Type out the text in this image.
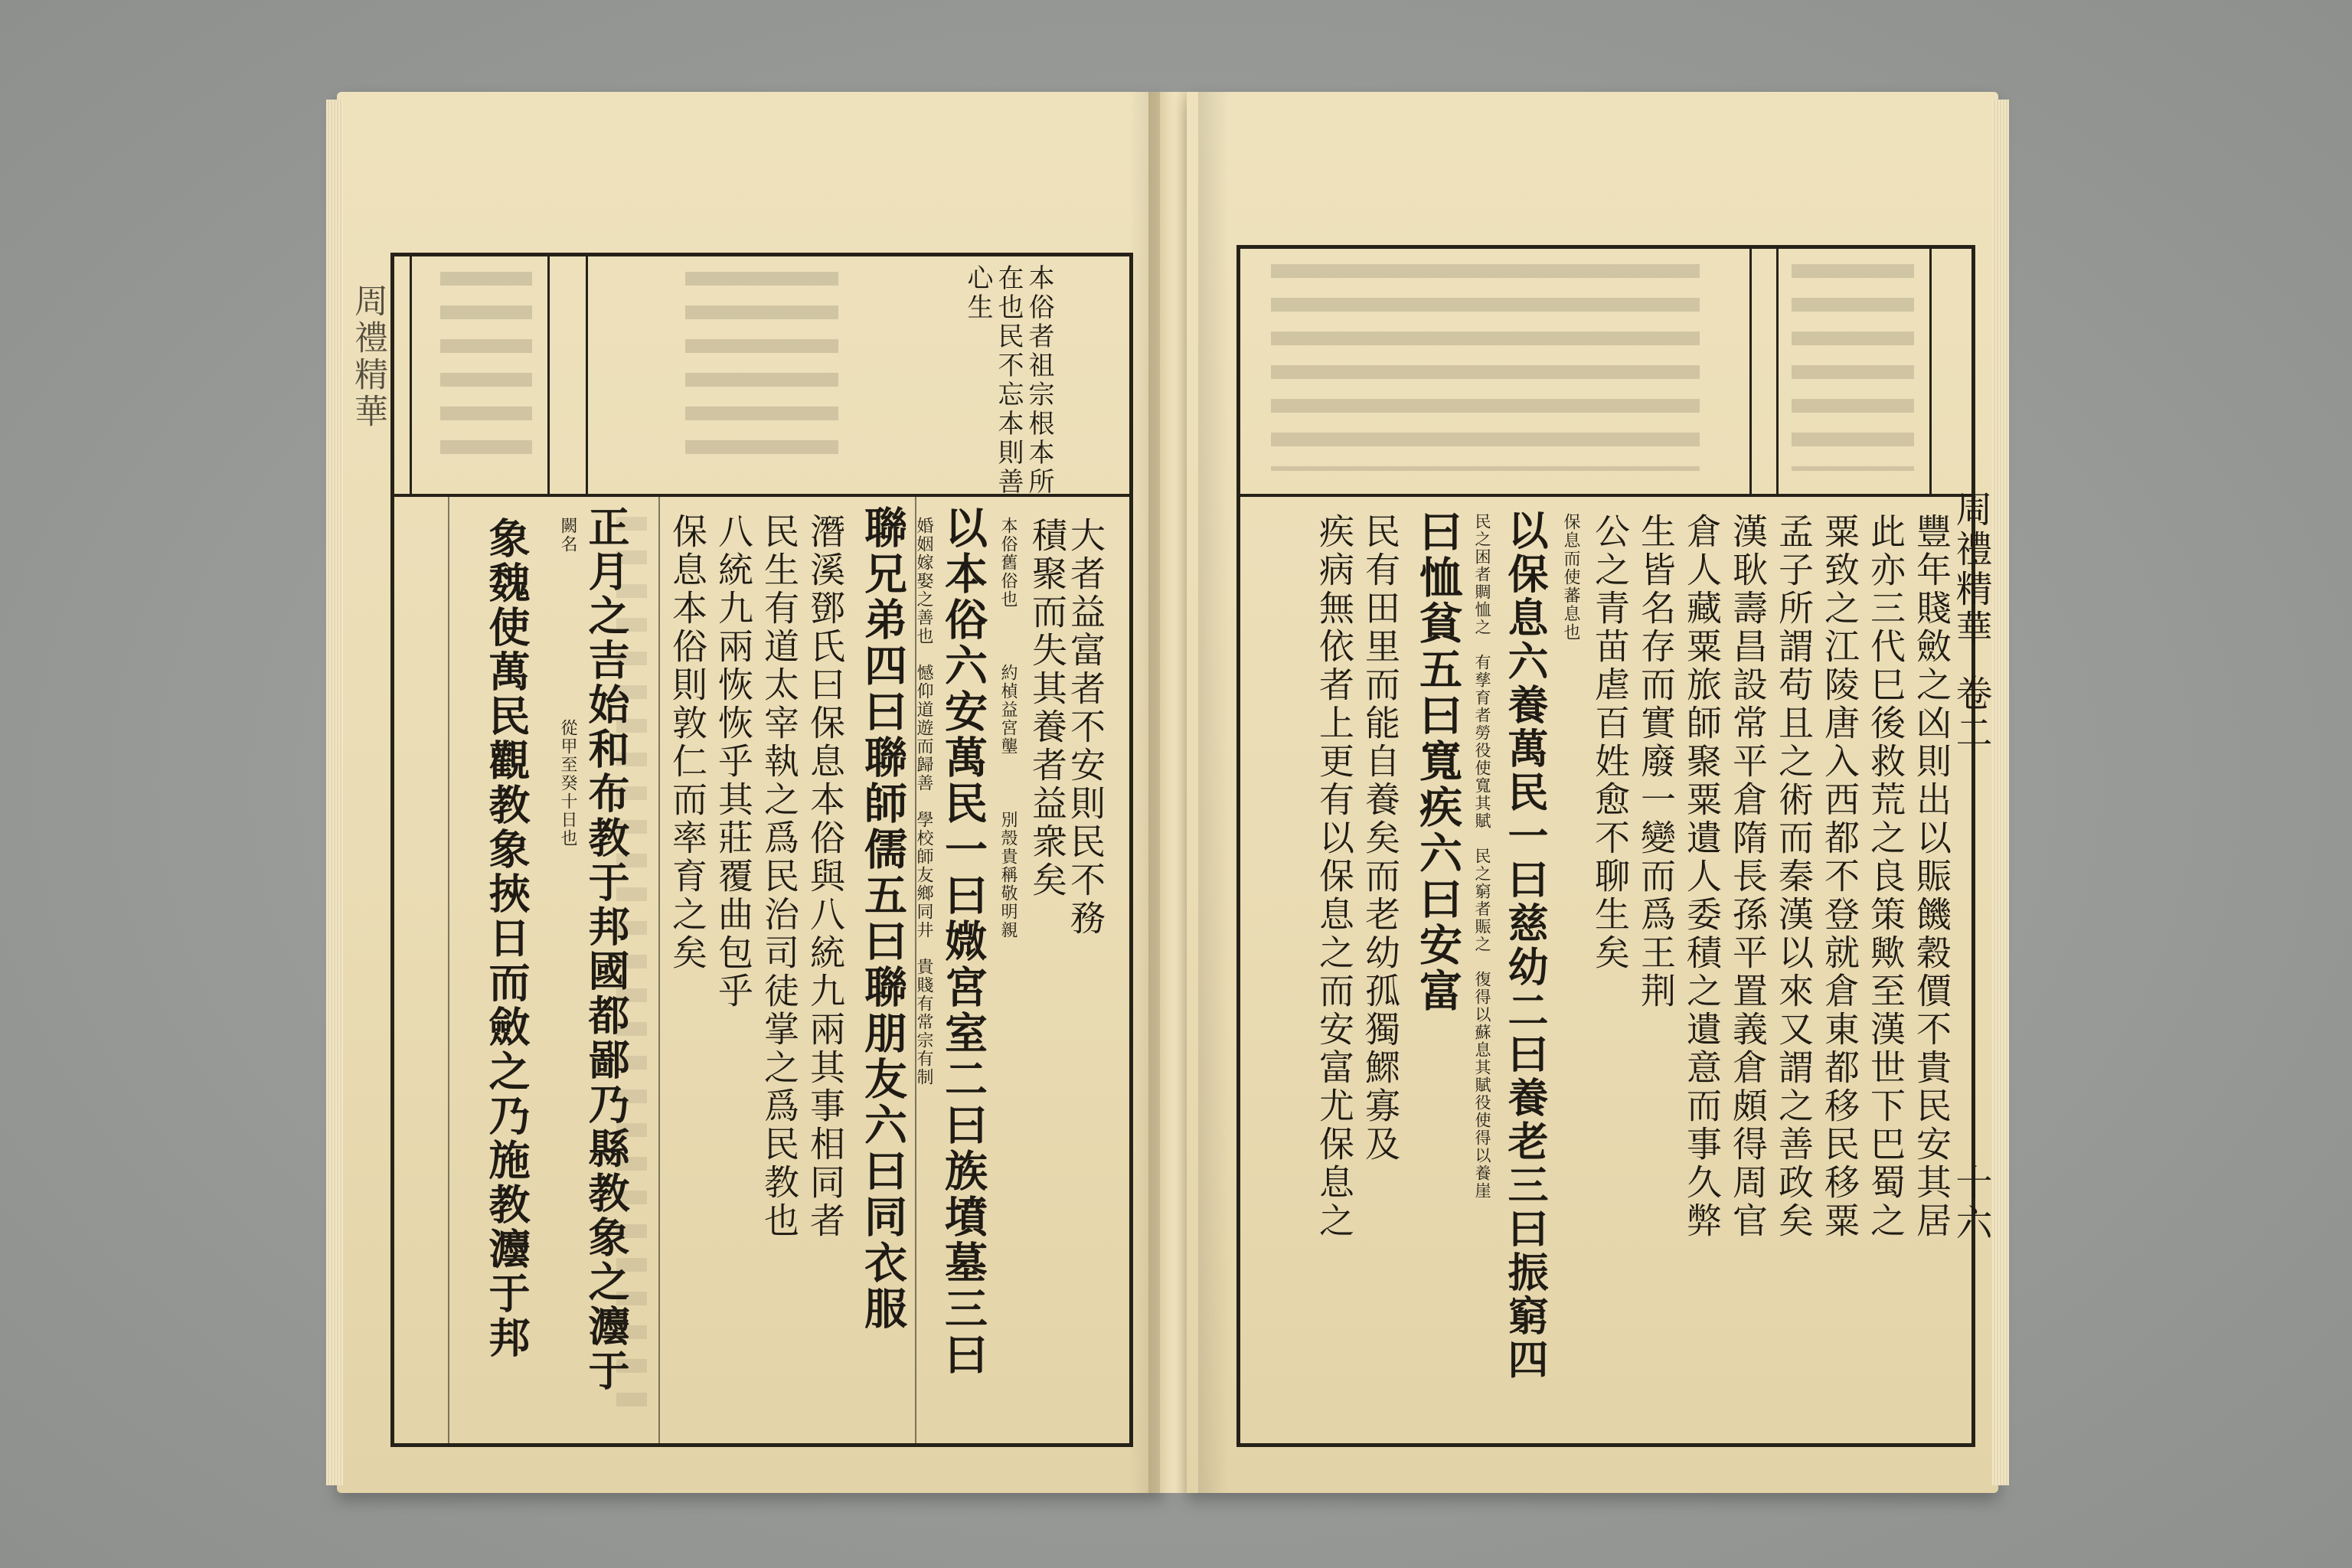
周禮精華	本俗者祖宗根本所
在也民不忘本則善
心生
大者益富者不安則民不務
積聚而失其養者益衆矣
本俗舊俗也　　　約楨益宮壟　　　別殼貴稱敬明親
以本俗六安萬民一曰媺宮室二曰族墳墓三曰
婚姻嫁娶之善也　憾仰道遊而歸善　學校師友鄉同井　貴賤有常宗有制
聯兄弟四曰聯師儒五曰聯朋友六曰同衣服
潛溪鄧氏曰保息本俗與八統九兩其事相同者
民生有道太宰執之爲民治司徒掌之爲民教也
八統九兩恢恢乎其莊覆曲包乎
保息本俗則敦仁而率育之矣
正月之吉始和布教于邦國都鄙乃縣教象之灋于
闕名　　　　　　　　　從甲至癸十日也
象魏使萬民觀教象挾日而斂之乃施教灋于邦	豐年賤斂之凶則出以賑饑穀價不貴民安其居
此亦三代巳後救荒之良策歟至漢世下巴蜀之
粟致之江陵唐入西都不登就倉東都移民移粟
孟子所謂苟且之術而秦漢以來又謂之善政矣
漢耿壽昌設常平倉隋長孫平置義倉頗得周官
倉人藏粟旅師聚粟遺人委積之遺意而事久弊
生皆名存而實廢一變而爲王荆
公之青苗虐百姓愈不聊生矣
保息而使蕃息也
以保息六養萬民一曰慈幼二曰養老三曰振窮四
民之困者賙恤之　有孳育者勞役使寬其賦　民之窮者賑之　復得以蘇息其賦役使得以養崖
曰恤貧五曰寬疾六曰安富
民有田里而能自養矣而老幼孤獨鰥寡及
疾病無依者上更有以保息之而安富尤保息之	周禮精華
卷二
十六
